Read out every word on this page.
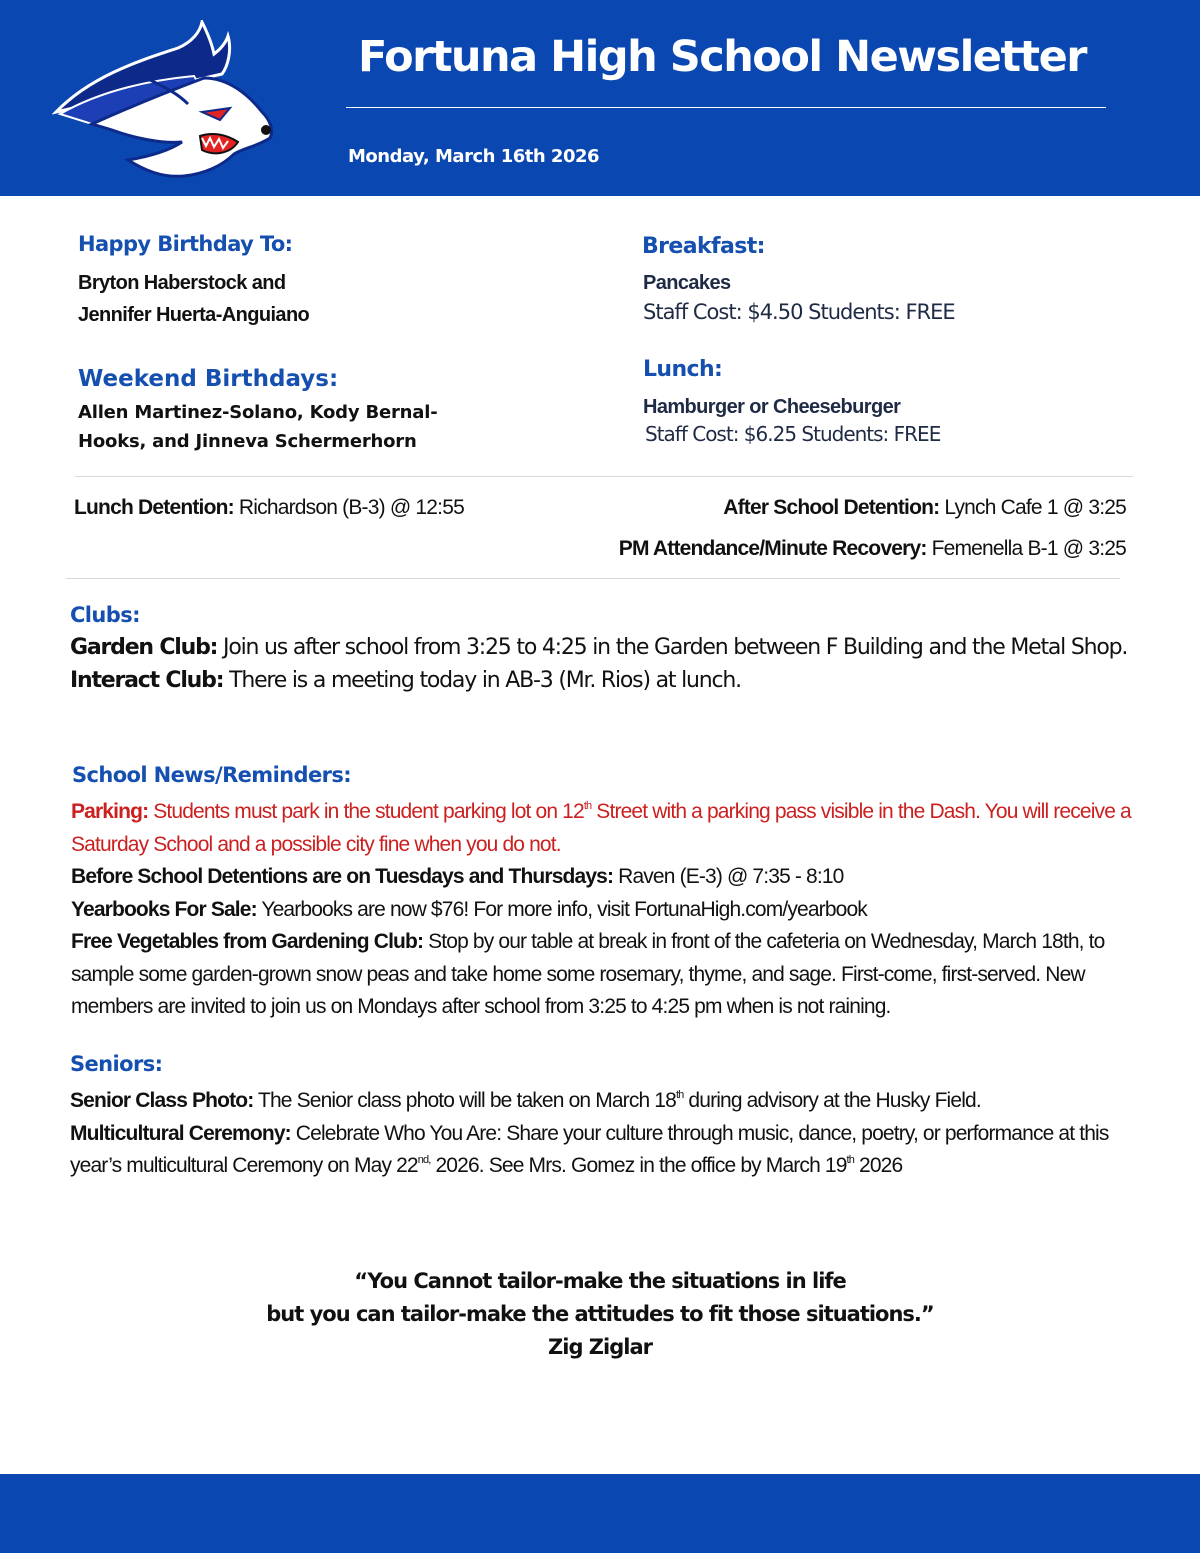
Fortuna High School Newsletter
Monday, March 16th 2026
Happy Birthday To:
Bryton Haberstock and
Jennifer Huerta-Anguiano
Weekend Birthdays:
Allen Martinez-Solano, Kody Bernal-
Hooks, and Jinneva Schermerhorn
Breakfast:
Pancakes
Staff Cost: $4.50 Students: FREE
Lunch:
Hamburger or Cheeseburger
Staff Cost: $6.25 Students: FREE
Lunch Detention: Richardson (B-3) @ 12:55	After School Detention: Lynch Cafe 1 @ 3:25
PM Attendance/Minute Recovery: Femenella B-1 @ 3:25
Clubs:
Garden Club: Join us after school from 3:25 to 4:25 in the Garden between F Building and the Metal Shop.
Interact Club: There is a meeting today in AB-3 (Mr. Rios) at lunch.
School News/Reminders:
Parking: Students must park in the student parking lot on 12th Street with a parking pass visible in the Dash. You will receive a Saturday School and a possible city fine when you do not.
Before School Detentions are on Tuesdays and Thursdays: Raven (E-3) @ 7:35 - 8:10
Yearbooks For Sale: Yearbooks are now $76! For more info, visit FortunaHigh.com/yearbook
Free Vegetables from Gardening Club: Stop by our table at break in front of the cafeteria on Wednesday, March 18th, to sample some garden-grown snow peas and take home some rosemary, thyme, and sage. First-come, first-served. New members are invited to join us on Mondays after school from 3:25 to 4:25 pm when is not raining.
Seniors:
Senior Class Photo: The Senior class photo will be taken on March 18th during advisory at the Husky Field.
Multicultural Ceremony: Celebrate Who You Are: Share your culture through music, dance, poetry, or performance at this year’s multicultural Ceremony on May $22^{nd,}$ 2026. See Mrs. Gomez in the office by March 19th 2026
“You Cannot tailor-make the situations in life
but you can tailor-make the attitudes to fit those situations.”
Zig Ziglar
